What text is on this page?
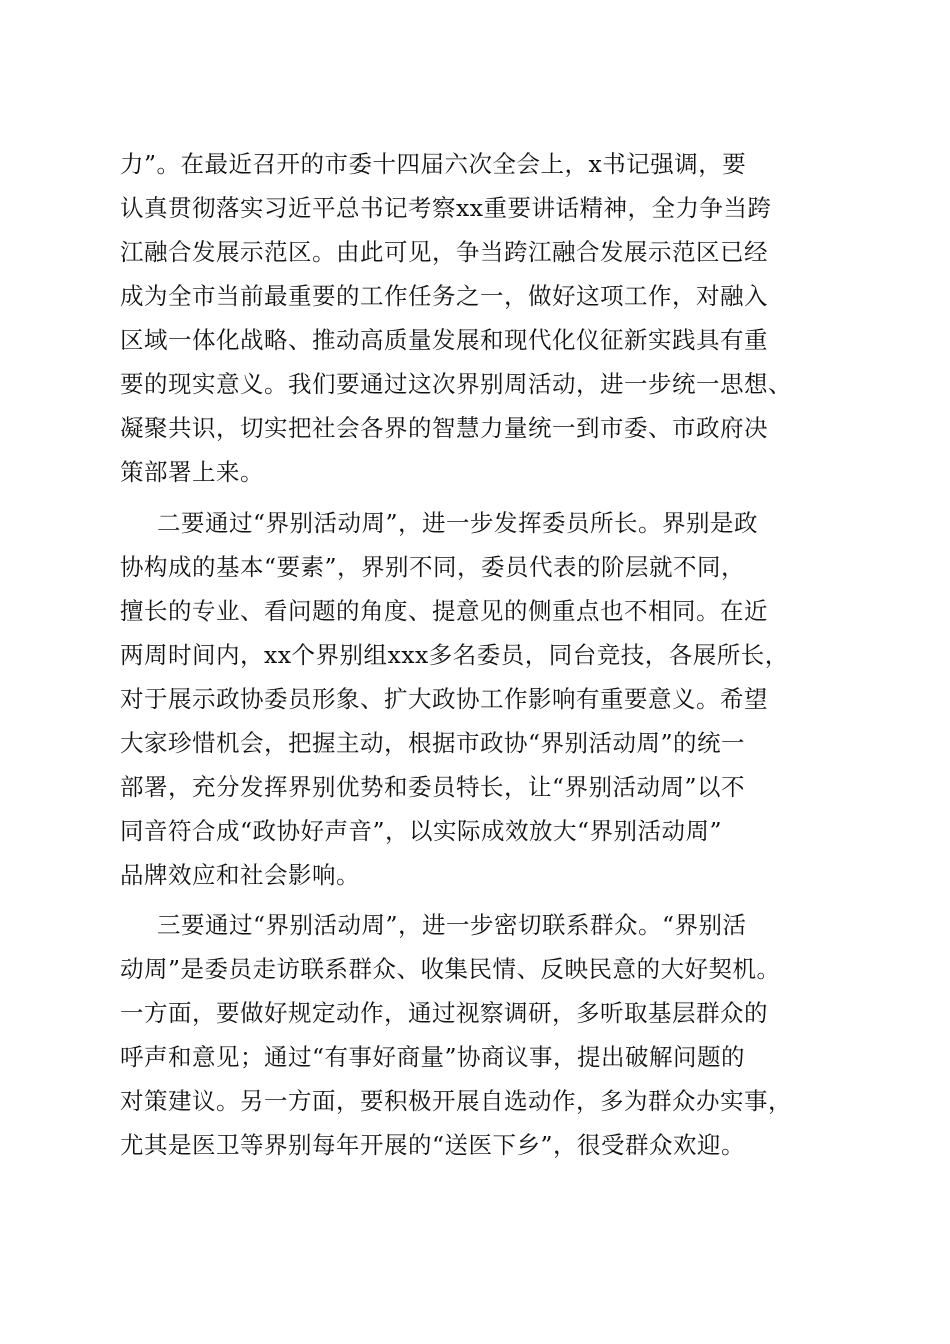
力”。在最近召开的市委十四届六次全会上，x书记强调，要
认真贯彻落实习近平总书记考察xx重要讲话精神，全力争当跨
江融合发展示范区。由此可见，争当跨江融合发展示范区已经
成为全市当前最重要的工作任务之一，做好这项工作，对融入
区域一体化战略、推动高质量发展和现代化仪征新实践具有重
要的现实意义。我们要通过这次界别周活动，进一步统一思想、
凝聚共识，切实把社会各界的智慧力量统一到市委、市政府决
策部署上来。
二要通过“界别活动周”，进一步发挥委员所长。界别是政
协构成的基本“要素”，界别不同，委员代表的阶层就不同，
擅长的专业、看问题的角度、提意见的侧重点也不相同。在近
两周时间内，xx个界别组xxx多名委员，同台竞技，各展所长，
对于展示政协委员形象、扩大政协工作影响有重要意义。希望
大家珍惜机会，把握主动，根据市政协“界别活动周”的统一
部署，充分发挥界别优势和委员特长，让“界别活动周”以不
同音符合成“政协好声音”，以实际成效放大“界别活动周”
品牌效应和社会影响。
三要通过“界别活动周”，进一步密切联系群众。“界别活
动周”是委员走访联系群众、收集民情、反映民意的大好契机。
一方面，要做好规定动作，通过视察调研，多听取基层群众的
呼声和意见；通过“有事好商量”协商议事，提出破解问题的
对策建议。另一方面，要积极开展自选动作，多为群众办实事，
尤其是医卫等界别每年开展的“送医下乡”，很受群众欢迎。
